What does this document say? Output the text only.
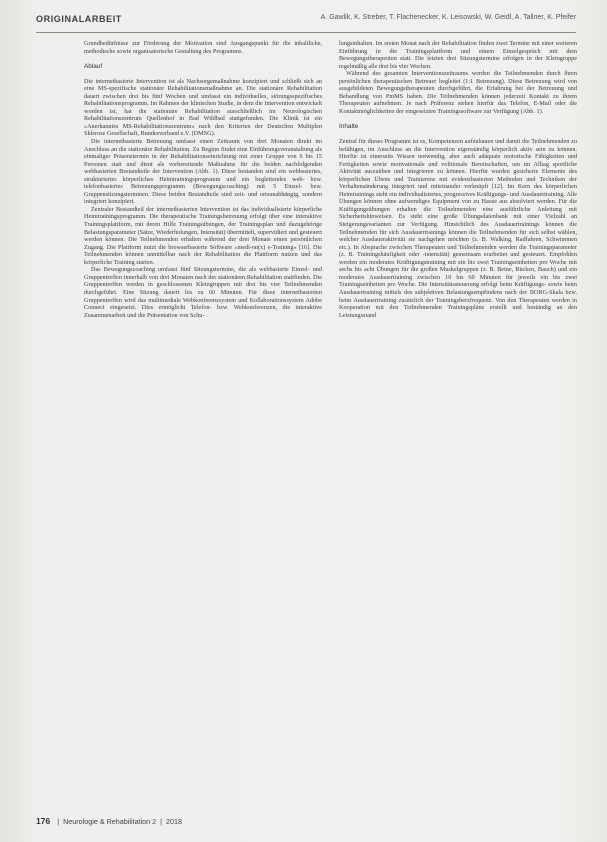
ORIGINALARBEIT	A. Gawlik, K. Streber, T. Flachenecker, K. Leisowski, W. Geidl, A. Tallner, K. Pfeifer

Grundbedürfnisse zur Förderung der Motivation sind Ausgangspunkt für die inhaltliche, methodische sowie organisatorische Gestaltung des Programms.

Ablauf

Die internetbasierte Intervention ist als Nachsorgemaßnahme konzipiert und schließt sich an eine MS-spezifische stationäre Rehabilitationsmaßnahme an. Die stationäre Rehabilitation dauert zwischen drei bis fünf Wochen und umfasst ein individuelles, störungsspezifisches Rehabilitationsprogramm. Im Rahmen der klinischen Studie, in dem die Intervention entwickelt worden ist, hat die stationäre Rehabilitation ausschließlich im Neurologischen Rehabilitationszentrum Quellenhof in Bad Wildbad stattgefunden. Die Klinik ist ein »Anerkanntes MS-Rehabilitationszentrum« nach den Kriterien der Deutschen Multiplen Sklerose Gesellschaft, Bundesverband e.V. (DMSG).

Die internetbasierte Betreuung umfasst einen Zeitraum von drei Monaten direkt im Anschluss an die stationäre Rehabilitation. Zu Beginn findet eine Einführungsveranstaltung als einmaliger Präsenztermin in der Rehabilitationseinrichtung mit einer Gruppe von 6 bis 15 Personen statt und dient als vorbereitende Maßnahme für die beiden nachfolgenden webbasierten Bestandteile der Intervention (Abb. 1). Diese bestanden sind ein webbasiertes, strukturiertes körperliches Heimtrainingsprogramm und ein begleitendes web- bzw. telefonbasiertes Betreuungsprogramm (Bewegungscoaching) mit 5 Einzel- bzw. Gruppensitzungsterminen. Diese beiden Bestandteile sind zeit- und ortsunabhängig, sondern integriert konzipiert.

Zentraler Bestandteil der internetbasierten Intervention ist das individualisierte körperliche Heimtrainingsprogramm. Die therapeutische Trainingsbetreuung erfolgt über eine interaktive Trainingsplattform, mit deren Hilfe Trainingsübungen, der Trainingsplan und dazugehörige Belastungsparameter (Sätze, Wiederholungen, Intensität) übermittelt, supervidiert und gesteuert werden können. Die Teilnehmenden erhalten während der drei Monate einen persönlichen Zugang. Die Plattform nutzt die browserbasierte Software »medi-on(x) e-Training« [16]. Die Teilnehmenden können unmittelbar nach der Rehabilitation die Plattform nutzen und das körperliche Training starten.

Das Bewegungscoaching umfasst fünf Sitzungstermine, die als webbasierte Einzel- und Gruppentreffen innerhalb von drei Monaten nach der stationären Rehabilitation stattfinden. Die Gruppentreffen werden in geschlossenen Kleingruppen mit drei bis vier Teilnehmenden durchgeführt. Eine Sitzung dauert bis zu 60 Minuten. Für diese internetbasierten Gruppentreffen wird das multimediale Webkonferenzsystem und Kollaborationssystem Adobe Connect eingesetzt. Dies ermöglicht Telefon- bzw. Webkonferenzen, die interaktive Zusammenarbeit und die Präsentation von Schu-

lungsinhalten. Im ersten Monat nach der Rehabilitation finden zwei Termine mit einer weiteren Einführung in die Trainingsplattform und einem Einzelgespräch mit dem Bewegungstherapeuten statt. Die letzten drei Sitzungstermine erfolgen in der Kleingruppe regelmäßig alle drei bis vier Wochen.

Während des gesamten Interventionszeitraums werden die Teilnehmenden durch ihren persönlichen therapeutischen Betreuer begleitet (1:1 Betreuung). Diese Betreuung wird von ausgebildeten Bewegungstherapeuten durchgeführt, die Erfahrung bei der Betreuung und Behandlung von PmMS haben. Die Teilnehmenden können jederzeit Kontakt zu ihrem Therapeuten aufnehmen. Je nach Präferenz stehen hierfür das Telefon, E-Mail oder die Kontaktmöglichkeiten der eingesetzten Trainingssoftware zur Verfügung (Abb. 1).

Inhalte

Zentral für dieses Programm ist es, Kompetenzen aufzubauen und damit die Teilnehmenden zu befähigen, im Anschluss an die Intervention eigenständig körperlich aktiv sein zu können. Hierfür ist einerseits Wissen notwendig, aber auch adäquate motorische Fähigkeiten und Fertigkeiten sowie motivationale und volitionale Bereitschaften, um im Alltag sportliche Aktivität auszuüben und integrieren zu können. Hierfür wurden gesicherte Elemente des körperlichen Übens und Trainierens mit evidenzbasierten Methoden und Techniken der Verhaltensänderung integriert und miteinander verknüpft [12]. Im Kern des körperlichen Heimtrainings steht ein individualisiertes, progressives Kräftigungs- und Ausdauertraining. Alle Übungen können ohne aufwendiges Equipment von zu Hause aus absolviert werden. Für die Kräftigungsübungen erhalten die Teilnehmenden eine ausführliche Anleitung mit Sicherheitshinweisen. Es steht eine große Übungsdatenbank mit einer Vielzahl an Steigerungsvarianten zur Verfügung. Hinsichtlich des Ausdauertrainings können die Teilnehmenden für sich Ausdauertrainings können die Teilnehmenden für sich selbst wählen, welcher Ausdaueraktivität sie nachgehen möchten (z. B. Walking, Radfahren, Schwimmen etc.). In Absprache zwischen Therapeuten und Teilnehmenden werden die Trainingsparameter (z. B. Trainingshäufigkeit oder -intensität) gemeinsam erarbeitet und gesteuert. Empfohlen werden ein moderates Kräftigungstraining mit ein bis zwei Trainingseinheiten pro Woche mit sechs bis acht Übungen für die großen Muskelgruppen (z. B. Beine, Rücken, Bauch) und ein moderates Ausdauertraining zwischen 10 bis 60 Minuten für jeweils ein bis zwei Trainingseinheiten pro Woche. Die Intensitätssteuerung erfolgt beim Kräftigungs- sowie beim Ausdauertraining mittels des subjektiven Belastungsempfindens nach der BORG-Skala bzw. beim Ausdauertraining zusätzlich der Trainingsherzfrequenz. Von den Therapeuten werden in Kooperation mit den Teilnehmenden Trainingspläne erstellt und beständig an den Leistungsstand

176 | Neurologie & Rehabilitation 2 | 2018
